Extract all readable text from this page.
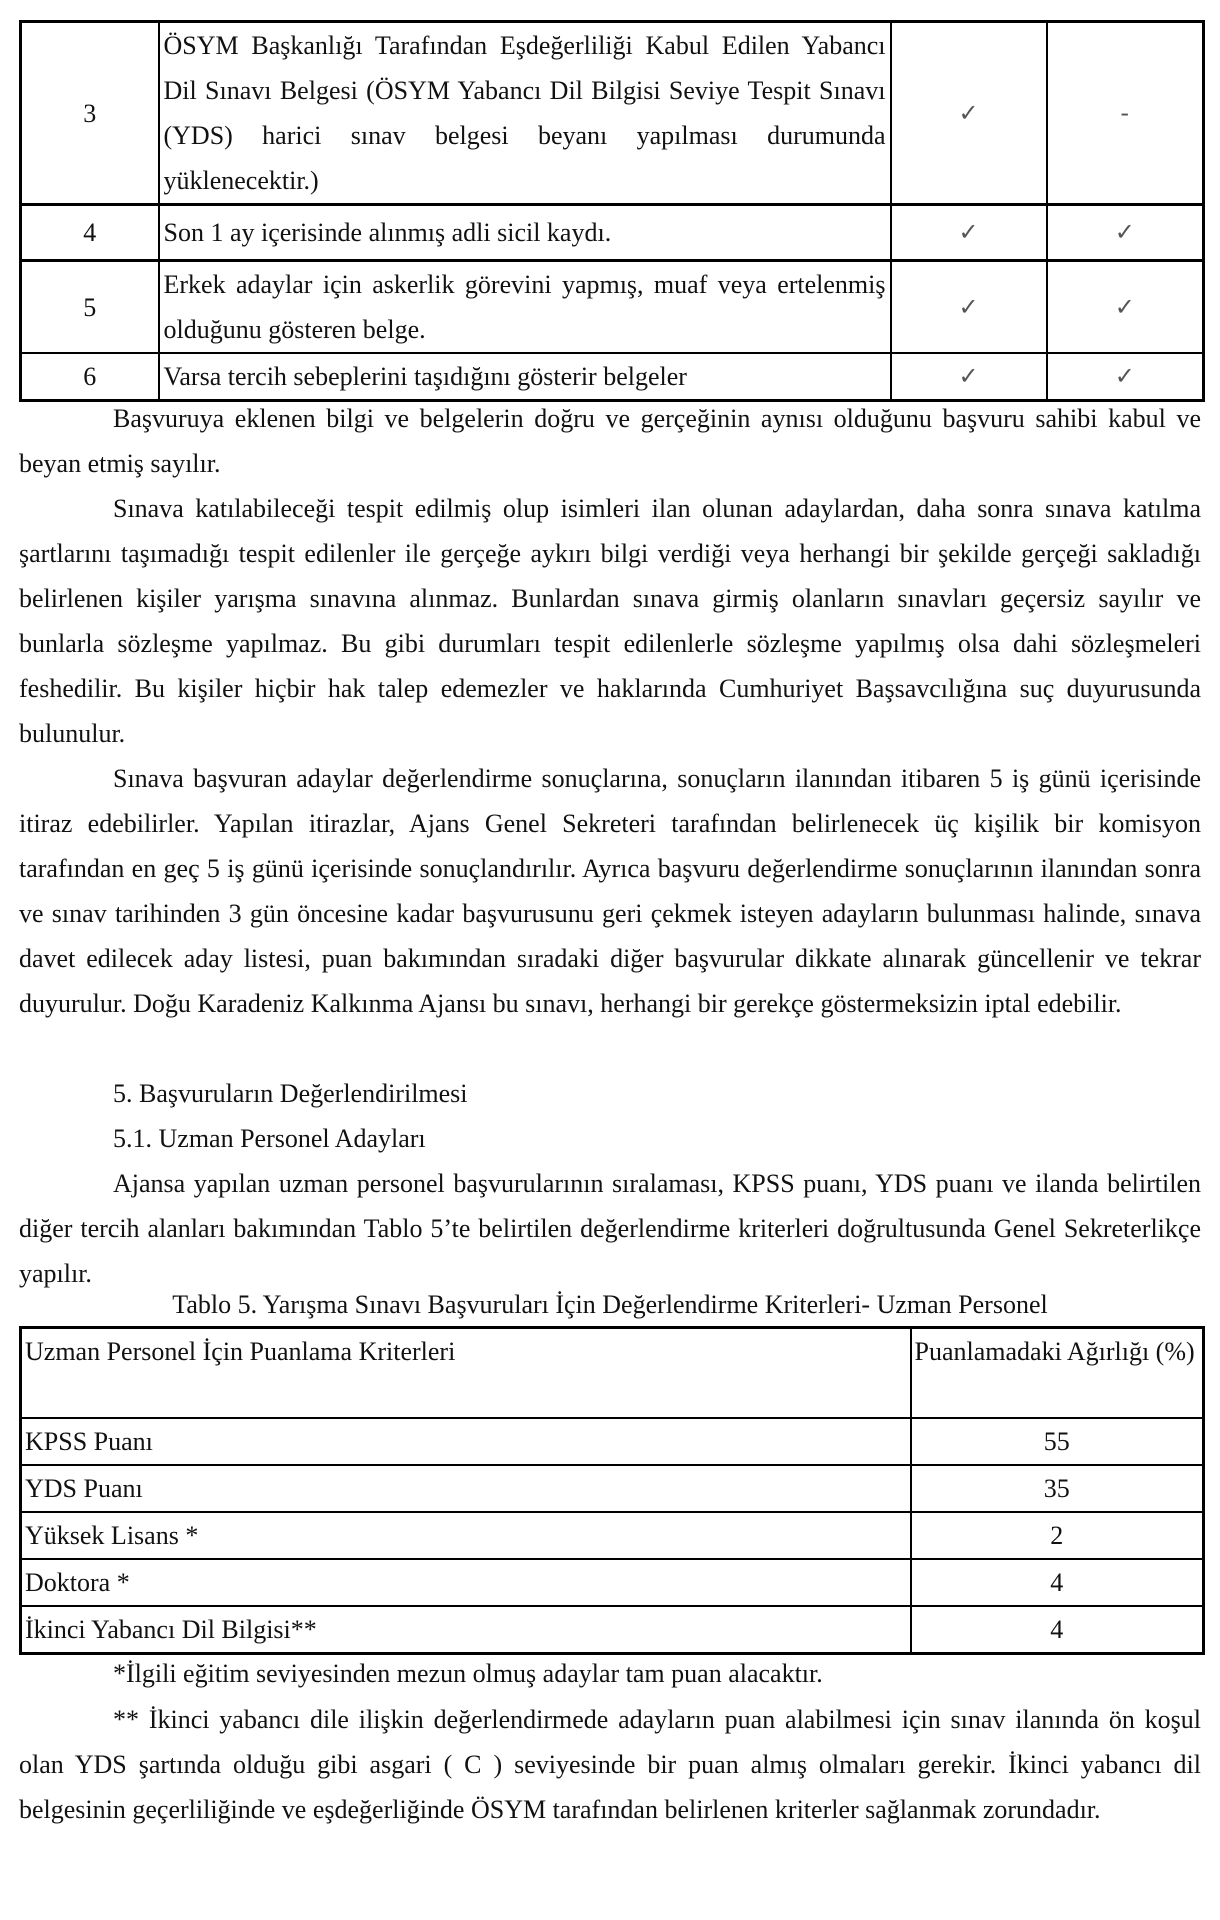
3	ÖSYM Başkanlığı Tarafından Eşdeğerliliği Kabul Edilen Yabancı Dil Sınavı Belgesi (ÖSYM Yabancı Dil Bilgisi Seviye Tespit Sınavı (YDS) harici sınav belgesi beyanı yapılması durumunda yüklenecektir.)	✓	-
4	Son 1 ay içerisinde alınmış adli sicil kaydı.	✓	✓
5	Erkek adaylar için askerlik görevini yapmış, muaf veya ertelenmiş olduğunu gösteren belge.	✓	✓
6	Varsa tercih sebeplerini taşıdığını gösterir belgeler	✓	✓
Başvuruya eklenen bilgi ve belgelerin doğru ve gerçeğinin aynısı olduğunu başvuru sahibi kabul ve beyan etmiş sayılır.
Sınava katılabileceği tespit edilmiş olup isimleri ilan olunan adaylardan, daha sonra sınava katılma şartlarını taşımadığı tespit edilenler ile gerçeğe aykırı bilgi verdiği veya herhangi bir şekilde gerçeği sakladığı belirlenen kişiler yarışma sınavına alınmaz. Bunlardan sınava girmiş olanların sınavları geçersiz sayılır ve bunlarla sözleşme yapılmaz. Bu gibi durumları tespit edilenlerle sözleşme yapılmış olsa dahi sözleşmeleri feshedilir. Bu kişiler hiçbir hak talep edemezler ve haklarında Cumhuriyet Başsavcılığına suç duyurusunda bulunulur.
Sınava başvuran adaylar değerlendirme sonuçlarına, sonuçların ilanından itibaren 5 iş günü içerisinde itiraz edebilirler. Yapılan itirazlar, Ajans Genel Sekreteri tarafından belirlenecek üç kişilik bir komisyon tarafından en geç 5 iş günü içerisinde sonuçlandırılır. Ayrıca başvuru değerlendirme sonuçlarının ilanından sonra ve sınav tarihinden 3 gün öncesine kadar başvurusunu geri çekmek isteyen adayların bulunması halinde, sınava davet edilecek aday listesi, puan bakımından sıradaki diğer başvurular dikkate alınarak güncellenir ve tekrar duyurulur. Doğu Karadeniz Kalkınma Ajansı bu sınavı, herhangi bir gerekçe göstermeksizin iptal edebilir.
5. Başvuruların Değerlendirilmesi
5.1. Uzman Personel Adayları
Ajansa yapılan uzman personel başvurularının sıralaması, KPSS puanı, YDS puanı ve ilanda belirtilen diğer tercih alanları bakımından Tablo 5’te belirtilen değerlendirme kriterleri doğrultusunda Genel Sekreterlikçe yapılır.
Tablo 5. Yarışma Sınavı Başvuruları İçin Değerlendirme Kriterleri- Uzman Personel
Uzman Personel İçin Puanlama Kriterleri	Puanlamadaki Ağırlığı (%)
KPSS Puanı	55
YDS Puanı	35
Yüksek Lisans *	2
Doktora *	4
İkinci Yabancı Dil Bilgisi**	4
*İlgili eğitim seviyesinden mezun olmuş adaylar tam puan alacaktır.
** İkinci yabancı dile ilişkin değerlendirmede adayların puan alabilmesi için sınav ilanında ön koşul olan YDS şartında olduğu gibi asgari ( C ) seviyesinde bir puan almış olmaları gerekir. İkinci yabancı dil belgesinin geçerliliğinde ve eşdeğerliğinde ÖSYM tarafından belirlenen kriterler sağlanmak zorundadır.
